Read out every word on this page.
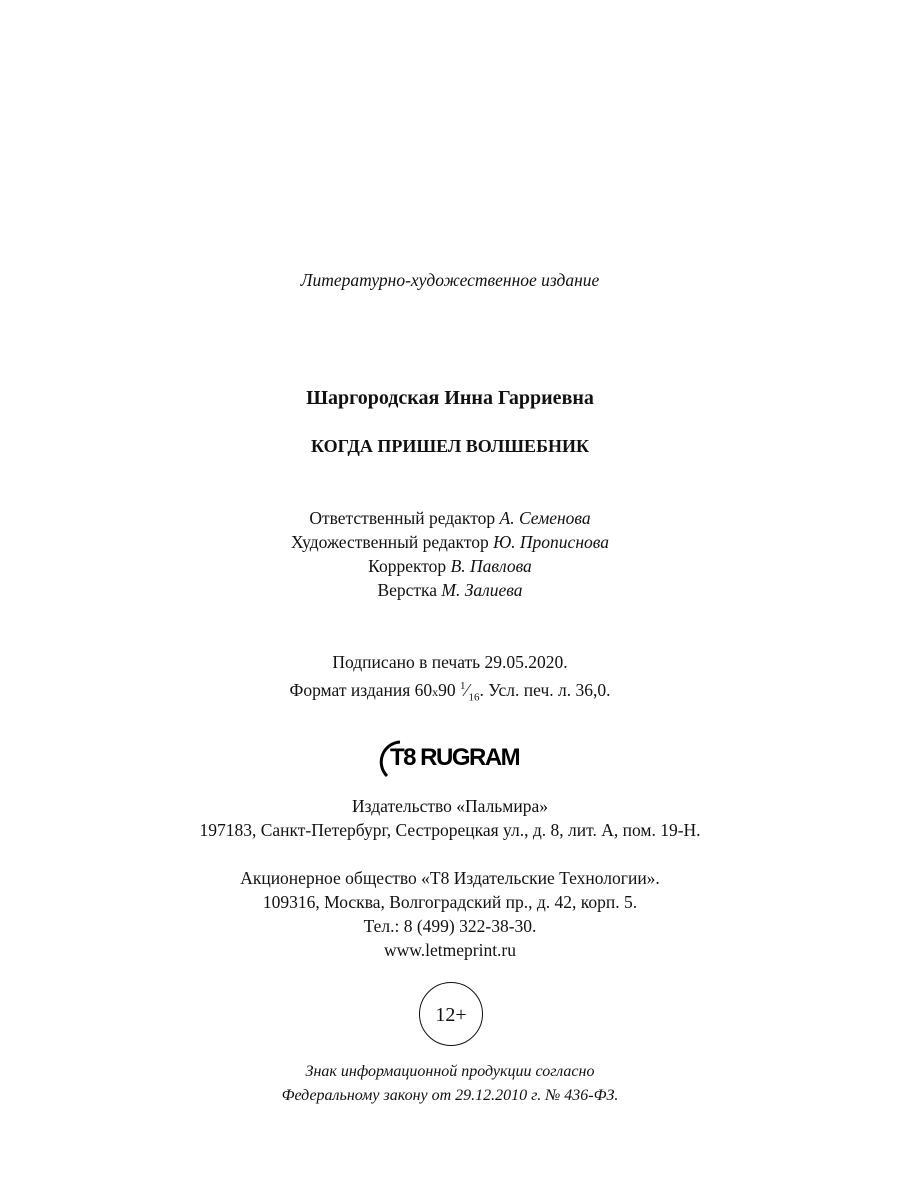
Литературно-художественное издание
Шаргородская Инна Гарриевна
КОГДА ПРИШЕЛ ВОЛШЕБНИК
Ответственный редактор А. Семенова
Художественный редактор Ю. Прописнова
Корректор В. Павлова
Верстка М. Залиева
Подписано в печать 29.05.2020.
Формат издания 60x90 $^1⁄_{16}$. Усл. печ. л. 36,0.
T8 RUGRAM
Издательство «Пальмира»
197183, Санкт-Петербург, Сестрорецкая ул., д. 8, лит. А, пом. 19-Н.
Акционерное общество «Т8 Издательские Технологии».
109316, Москва, Волгоградский пр., д. 42, корп. 5.
Тел.: 8 (499) 322-38-30.
www.letmeprint.ru
12+
Знак информационной продукции согласно
Федеральному закону от 29.12.2010 г. № 436-ФЗ.
